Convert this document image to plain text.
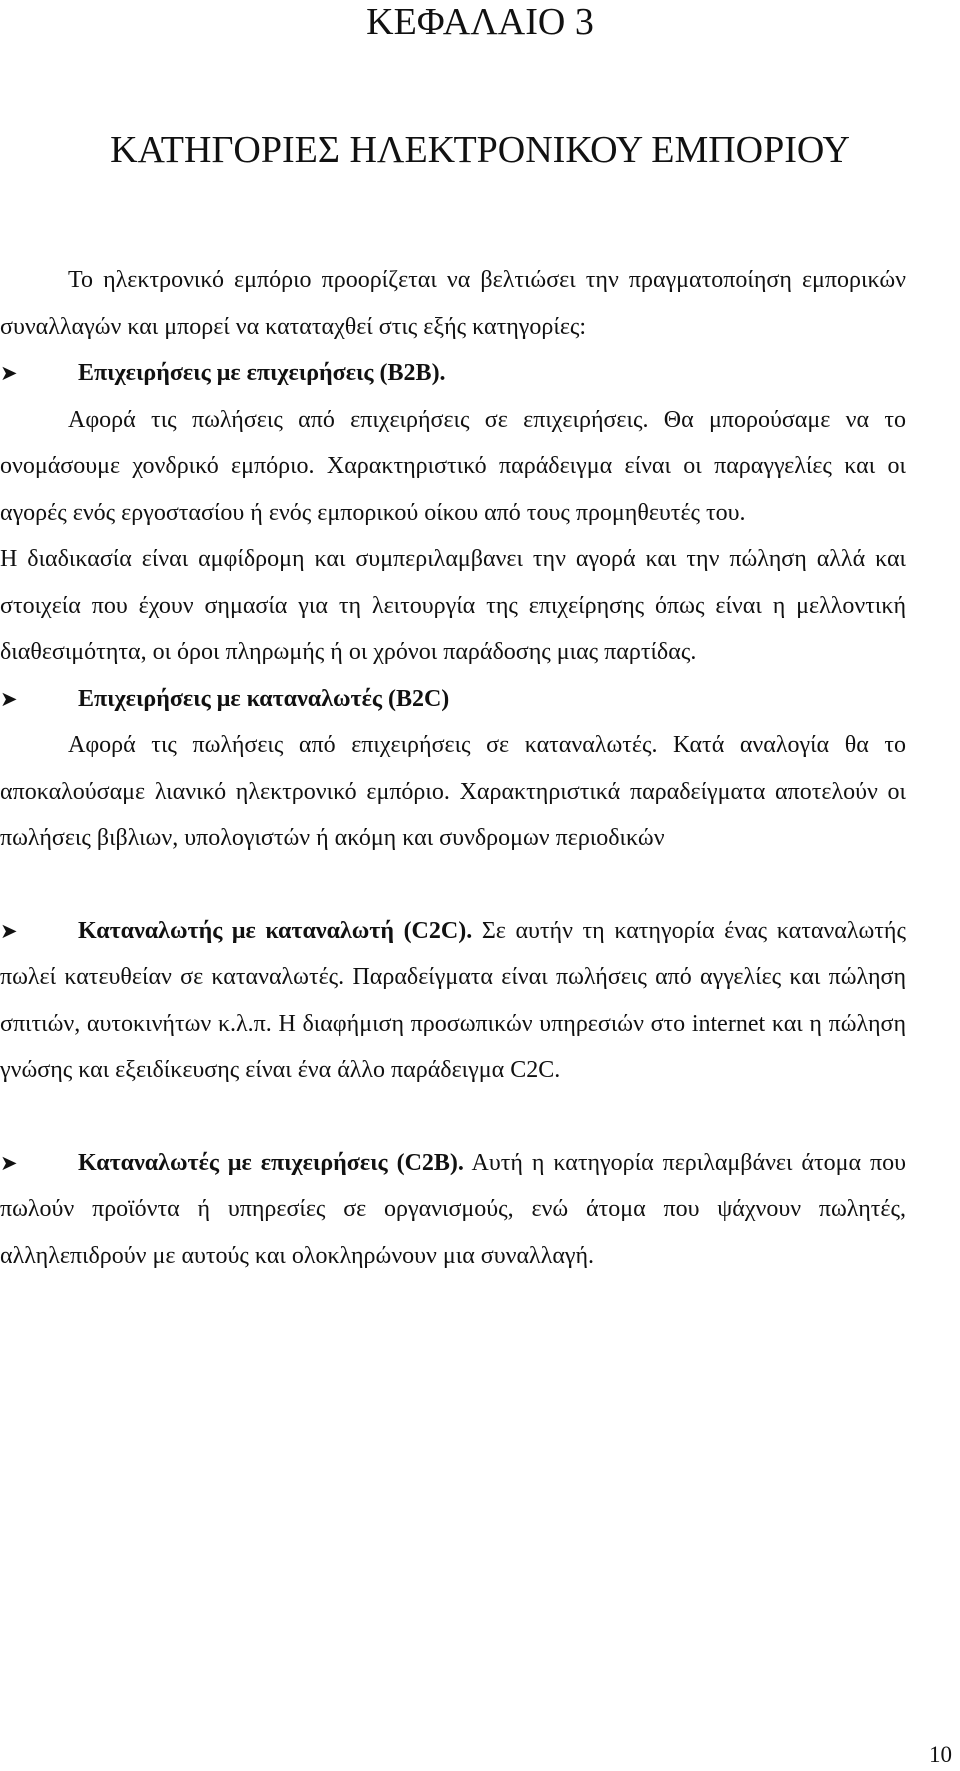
ΚΕΦΑΛΑΙΟ 3
ΚΑΤΗΓΟΡΙΕΣ ΗΛΕΚΤΡΟΝΙΚΟΥ ΕΜΠΟΡΙΟΥ

Το ηλεκτρονικό εμπόριο προορίζεται να βελτιώσει την πραγματοποίηση εμπορικών συναλλαγών και μπορεί να καταταχθεί στις εξής κατηγορίες:

➤	Επιχειρήσεις με επιχειρήσεις (B2B).

Αφορά τις πωλήσεις από επιχειρήσεις σε επιχειρήσεις. Θα μπορούσαμε να το ονομάσουμε χονδρικό εμπόριο. Χαρακτηριστικό παράδειγμα είναι οι παραγγελίες και οι αγορές ενός εργοστασίου ή ενός εμπορικού οίκου από τους προμηθευτές του.

Η διαδικασία είναι αμφίδρομη και συμπεριλαμβανει την αγορά και την πώληση αλλά και στοιχεία που έχουν σημασία για τη λειτουργία της επιχείρησης όπως είναι η μελλοντική διαθεσιμότητα, οι όροι πληρωμής ή οι χρόνοι παράδοσης μιας παρτίδας.

➤	Επιχειρήσεις με καταναλωτές (B2C)

Αφορά τις πωλήσεις από επιχειρήσεις σε καταναλωτές. Κατά αναλογία θα το αποκαλούσαμε λιανικό ηλεκτρονικό εμπόριο. Χαρακτηριστικά παραδείγματα αποτελούν οι πωλήσεις βιβλιων, υπολογιστών ή ακόμη και συνδρομων περιοδικών

➤	Καταναλωτής με καταναλωτή (C2C). Σε αυτήν τη κατηγορία ένας καταναλωτής πωλεί κατευθείαν σε καταναλωτές. Παραδείγματα είναι πωλήσεις από αγγελίες και πώληση σπιτιών, αυτοκινήτων κ.λ.π. Η διαφήμιση προσωπικών υπηρεσιών στο internet και η πώληση γνώσης και εξειδίκευσης είναι ένα άλλο παράδειγμα C2C.

➤	Καταναλωτές με επιχειρήσεις (C2B). Αυτή η κατηγορία περιλαμβάνει άτομα που πωλούν προϊόντα ή υπηρεσίες σε οργανισμούς, ενώ άτομα που ψάχνουν πωλητές, αλληλεπιδρούν με αυτούς και ολοκληρώνουν μια συναλλαγή.

10
